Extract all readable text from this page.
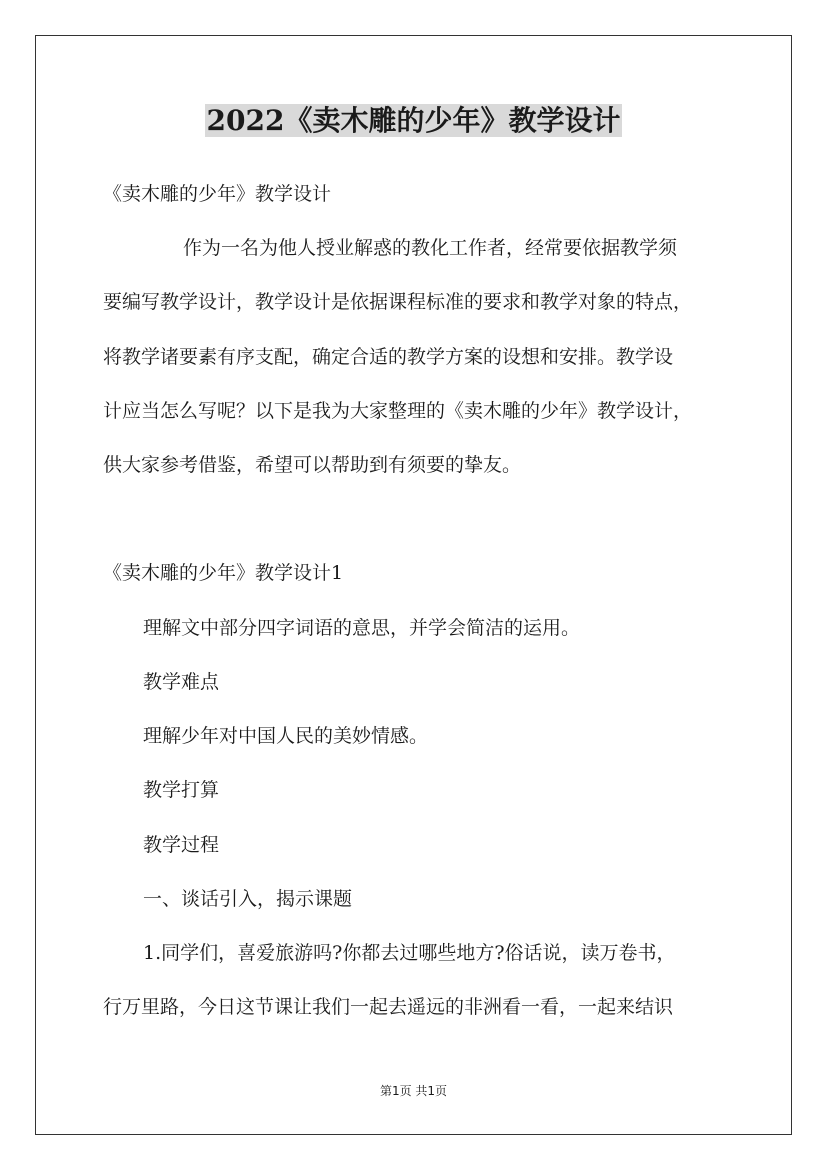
2022《卖木雕的少年》教学设计

《卖木雕的少年》教学设计

作为一名为他人授业解惑的教化工作者，经常要依据教学须

要编写教学设计，教学设计是依据课程标准的要求和教学对象的特点，

将教学诸要素有序支配，确定合适的教学方案的设想和安排。教学设

计应当怎么写呢？以下是我为大家整理的《卖木雕的少年》教学设计，

供大家参考借鉴，希望可以帮助到有须要的挚友。

《卖木雕的少年》教学设计1

理解文中部分四字词语的意思，并学会简洁的运用。

教学难点

理解少年对中国人民的美妙情感。

教学打算

教学过程

一、谈话引入，揭示课题

1.同学们，喜爱旅游吗?你都去过哪些地方?俗话说，读万卷书，

行万里路，今日这节课让我们一起去遥远的非洲看一看，一起来结识

第1页 共1页
